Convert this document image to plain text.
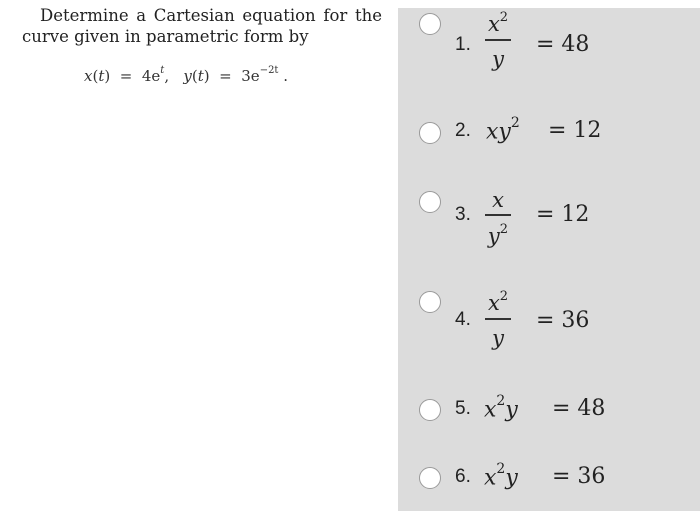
Determine a Cartesian equation for the curve given in parametric form by
$x(t) = 4e^t$,   $y(t) = 3e^{-2t}$ .
1.
$x^2$
y
= 48
2. $xy^2 = 12$
3.
x
$y^2$
= 12
4.
$x^2$
y
= 36
5. $x^2y = 48$
6. $x^2y = 36$
